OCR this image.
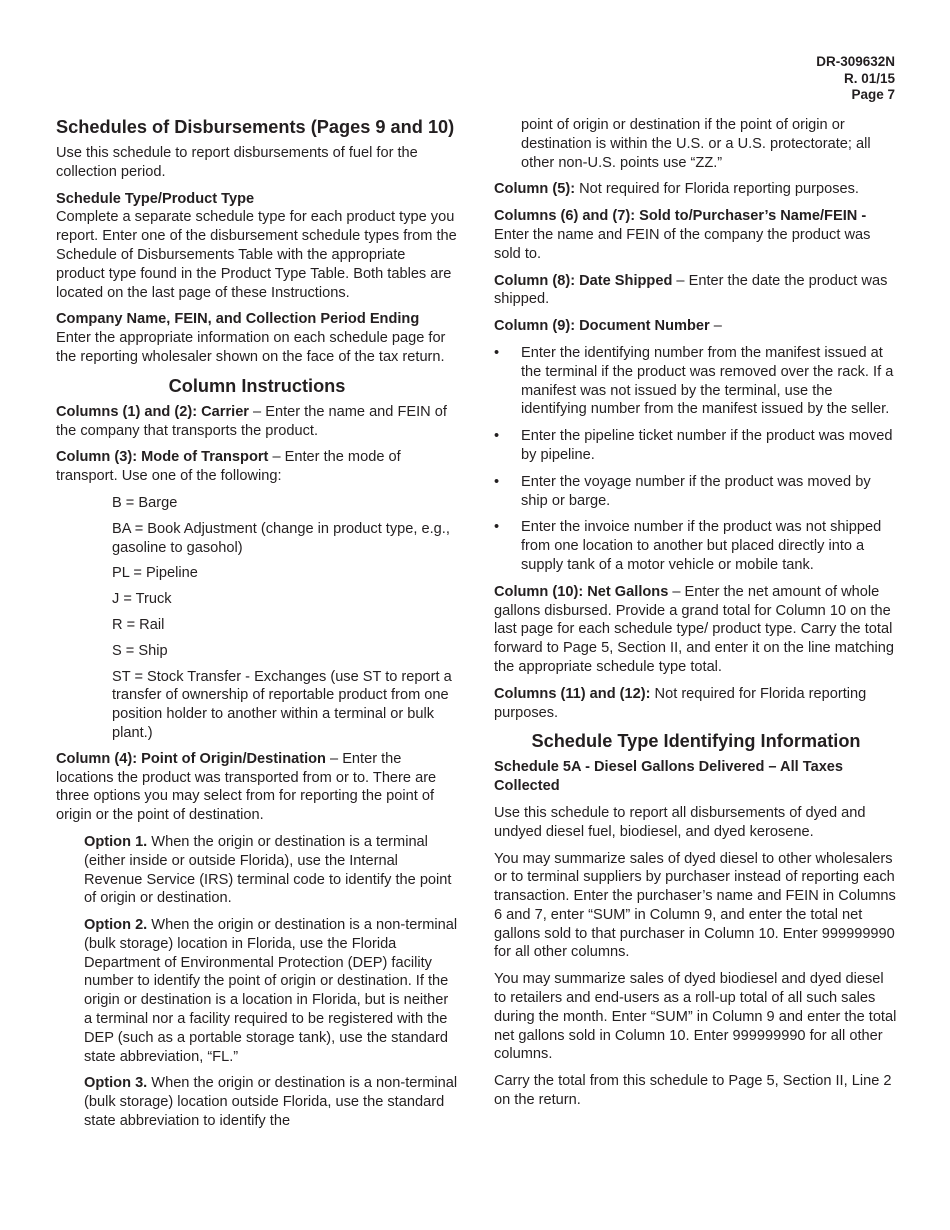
DR-309632N
R. 01/15
Page 7
Schedules of Disbursements (Pages 9 and 10)

Use this schedule to report disbursements of fuel for the collection period.

Schedule Type/Product Type
Complete a separate schedule type for each product type you report. Enter one of the disbursement schedule types from the Schedule of Disbursements Table with the appropriate product type found in the Product Type Table. Both tables are located on the last page of these Instructions.

Company Name, FEIN, and Collection Period Ending
Enter the appropriate information on each schedule page for the reporting wholesaler shown on the face of the tax return.

Column Instructions

Columns (1) and (2): Carrier – Enter the name and FEIN of the company that transports the product.

Column (3): Mode of Transport – Enter the mode of transport. Use one of the following:

B = Barge

BA = Book Adjustment (change in product type, e.g., gasoline to gasohol)

PL = Pipeline

J = Truck

R = Rail

S = Ship

ST = Stock Transfer - Exchanges (use ST to report a transfer of ownership of reportable product from one position holder to another within a terminal or bulk plant.)

Column (4): Point of Origin/Destination – Enter the locations the product was transported from or to. There are three options you may select from for reporting the point of origin or the point of destination.

Option 1. When the origin or destination is a terminal (either inside or outside Florida), use the Internal Revenue Service (IRS) terminal code to identify the point of origin or destination.

Option 2. When the origin or destination is a non-terminal (bulk storage) location in Florida, use the Florida Department of Environmental Protection (DEP) facility number to identify the point of origin or destination. If the origin or destination is a location in Florida, but is neither a terminal nor a facility required to be registered with the DEP (such as a portable storage tank), use the standard state abbreviation, “FL.”

Option 3. When the origin or destination is a non-terminal (bulk storage) location outside Florida, use the standard state abbreviation to identify the

point of origin or destination if the point of origin or destination is within the U.S. or a U.S. protectorate; all other non-U.S. points use “ZZ.”

Column (5): Not required for Florida reporting purposes.

Columns (6) and (7): Sold to/Purchaser’s Name/FEIN - Enter the name and FEIN of the company the product was sold to.

Column (8): Date Shipped – Enter the date the product was shipped.

Column (9): Document Number –

• Enter the identifying number from the manifest issued at the terminal if the product was removed over the rack. If a manifest was not issued by the terminal, use the identifying number from the manifest issued by the seller.
• Enter the pipeline ticket number if the product was moved by pipeline.
• Enter the voyage number if the product was moved by ship or barge.
• Enter the invoice number if the product was not shipped from one location to another but placed directly into a supply tank of a motor vehicle or mobile tank.

Column (10): Net Gallons – Enter the net amount of whole gallons disbursed. Provide a grand total for Column 10 on the last page for each schedule type/ product type. Carry the total forward to Page 5, Section II, and enter it on the line matching the appropriate schedule type total.

Columns (11) and (12): Not required for Florida reporting purposes.

Schedule Type Identifying Information

Schedule 5A - Diesel Gallons Delivered – All Taxes Collected

Use this schedule to report all disbursements of dyed and undyed diesel fuel, biodiesel, and dyed kerosene.

You may summarize sales of dyed diesel to other wholesalers or to terminal suppliers by purchaser instead of reporting each transaction. Enter the purchaser’s name and FEIN in Columns 6 and 7, enter “SUM” in Column 9, and enter the total net gallons sold to that purchaser in Column 10. Enter 999999990 for all other columns.

You may summarize sales of dyed biodiesel and dyed diesel to retailers and end-users as a roll-up total of all such sales during the month. Enter “SUM” in Column 9 and enter the total net gallons sold in Column 10. Enter 999999990 for all other columns.

Carry the total from this schedule to Page 5, Section II, Line 2 on the return.
